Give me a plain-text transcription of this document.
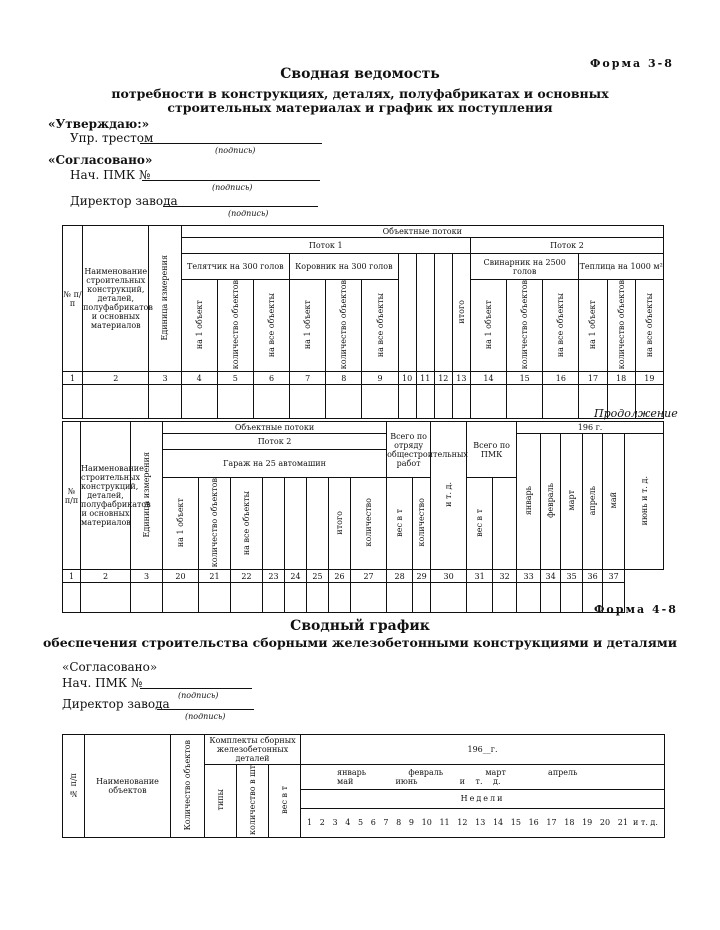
Форма 3-8
Сводная ведомость
потребности в конструкциях, деталях, полуфабрикатах и основных
строительных материалах и график их поступления
«Утверждаю:»
Упр. трестом
(подпись)
«Согласовано»
Нач. ПМК №
(подпись)
Директор завода
(подпись)
№ п/п	Наименование строительных конструкций, деталей, полуфабрикатов и основных материалов	Единица измерения	Объектные потоки															
			Поток 1										Поток 2					
			Телятчик на 300 голов			Коровник на 300 голов						итого	Свинарник на 2500 голов			Теплица на 1000 м²		
			на 1 объект	количество объектов	на все объекты	на 1 объект	количество объектов	на все объекты					на 1 объект	количество объектов	на все объекты	на 1 объект	количество объектов	на все объекты
1	2	3	4	5	6	7	8	9	10	11	12	13	14	15	16	17	18	19

Продолжение
№ п/п	Наименование строительных конструкций, деталей, полуфабрикатов и основных материалов	Единица измерения	Объектные потоки								Всего по отряду общестроительных работ		и т. д.	Всего по ПМК		196 г.					
			Поток 2													январь	февраль	март	апрель	май	июнь и т. д.
			Гараж на 25 автомашин																		
			на 1 объект	количество объектов	на все объекты				итого	количество	вес в т	количество		вес в т							
1	2	3	20	21	22	23	24	25	26	27	28	29	30	31	32	33	34	35	36	37	

Форма 4-8
Сводный график
обеспечения строительства сборными железобетонными конструкциями и деталями
«Согласовано»
Нач. ПМК №
(подпись)
Директор завода
(подпись)
№ п/п	Наименование объектов	Количество объектов	Комплекты сборных железобетонных деталей			196__г.
			типы	количество в шт	вес в т	январь февраль март апрель    май июнь и т. д.
						Недели
						1 2 3 4 5 6 7 8 9 10 11 12 13 14 15 16 17 18 19 20 21 и т. д.
